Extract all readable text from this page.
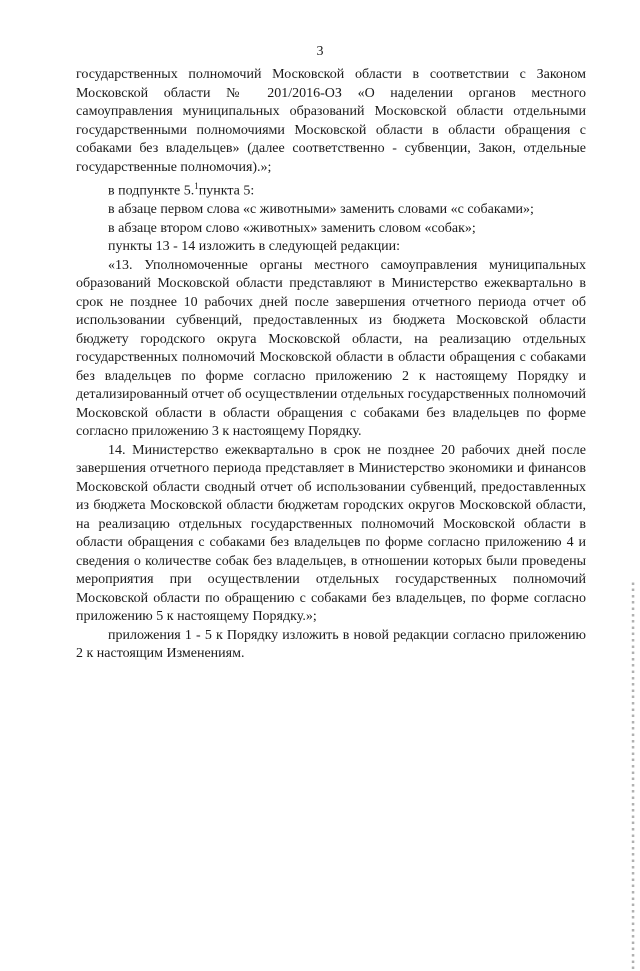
3

государственных полномочий Московской области в соответствии с Законом Московской области № 201/2016-ОЗ «О наделении органов местного самоуправления муниципальных образований Московской области отдельными государственными полномочиями Московской области в области обращения с собаками без владельцев» (далее соответственно - субвенции, Закон, отдельные государственные полномочия).»;

в подпункте 5.$^1$пункта 5:

в абзаце первом слова «с животными» заменить словами «с собаками»;

в абзаце втором слово «животных» заменить словом «собак»;

пункты 13 - 14 изложить в следующей редакции:

«13. Уполномоченные органы местного самоуправления муниципальных образований Московской области представляют в Министерство ежеквартально в срок не позднее 10 рабочих дней после завершения отчетного периода отчет об использовании субвенций, предоставленных из бюджета Московской области бюджету городского округа Московской области, на реализацию отдельных государственных полномочий Московской области в области обращения с собаками без владельцев по форме согласно приложению 2 к настоящему Порядку и детализированный отчет об осуществлении отдельных государственных полномочий Московской области в области обращения с собаками без владельцев по форме согласно приложению 3 к настоящему Порядку.

14. Министерство ежеквартально в срок не позднее 20 рабочих дней после завершения отчетного периода представляет в Министерство экономики и финансов Московской области сводный отчет об использовании субвенций, предоставленных из бюджета Московской области бюджетам городских округов Московской области, на реализацию отдельных государственных полномочий Московской области в области обращения с собаками без владельцев по форме согласно приложению 4 и сведения о количестве собак без владельцев, в отношении которых были проведены мероприятия при осуществлении отдельных государственных полномочий Московской области по обращению с собаками без владельцев, по форме согласно приложению 5 к настоящему Порядку.»;

приложения 1 - 5 к Порядку изложить в новой редакции согласно приложению 2 к настоящим Изменениям.	▪▪▪▪▪▪▪▪▪▪▪▪▪▪▪▪▪▪▪▪▪▪▪▪▪▪▪▪▪▪▪▪▪▪▪▪▪▪▪▪▪▪▪▪▪▪▪▪▪▪▪▪▪▪▪▪▪▪▪▪▪▪
